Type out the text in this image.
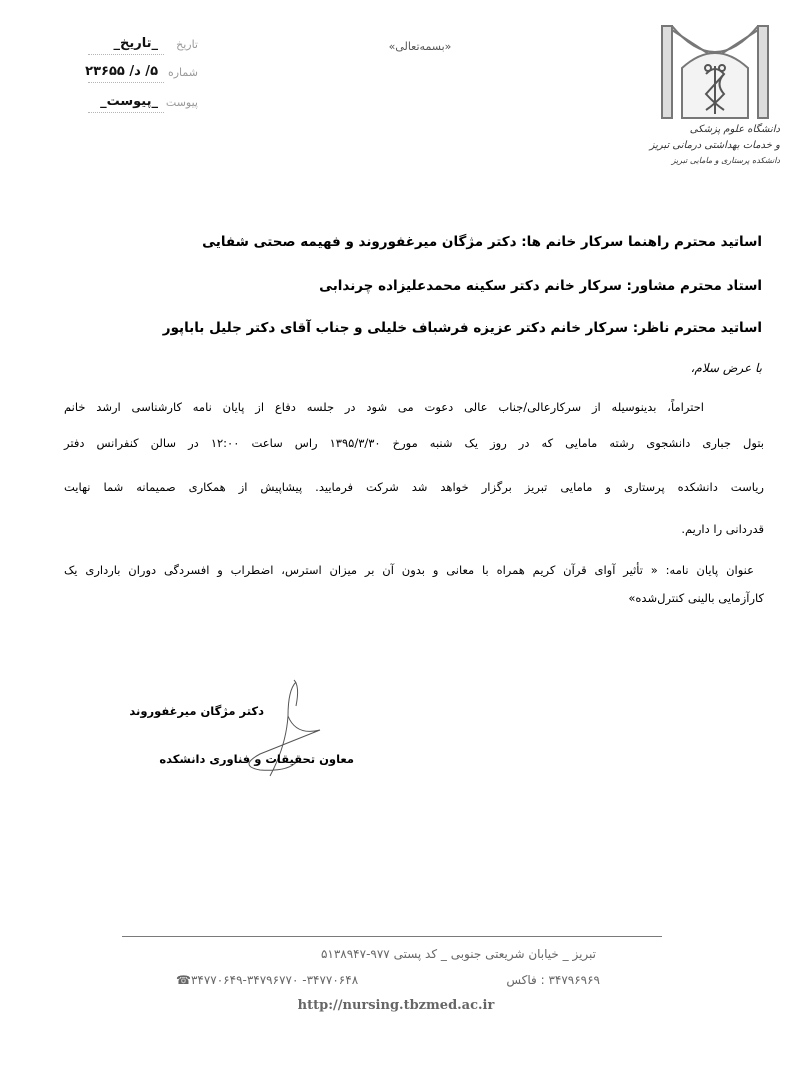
تاریخ
_تاریخ_
شماره
۵/ د/ ۲۳۶۵۵
پیوست
_پیوست_
«بسمه‌تعالی»
دانشگاه علوم پزشکی
و خدمات بهداشتی درمانی تبریز
دانشکده پرستاری و مامایی تبریز
اساتید محترم راهنما سرکار خانم ها: دکتر مژگان میرغفوروند و فهیمه صحتی شفایی
استاد محترم مشاور: سرکار خانم دکتر سکینه محمدعلیزاده چرندابی
اساتید محترم ناظر: سرکار خانم دکتر عزیزه فرشباف خلیلی و جناب آقای دکتر جلیل باباپور
با عرض سلام،
احتراماً، بدینوسیله از سرکارعالی/جناب عالی دعوت می شود در جلسه دفاع از پایان نامه کارشناسی ارشد خانم
بتول جباری دانشجوی رشته مامایی که در روز یک شنبه مورخ ۱۳۹۵/۳/۳۰ راس ساعت ۱۲:۰۰ در سالن کنفرانس دفتر
ریاست دانشکده پرستاری و مامایی تبریز برگزار خواهد شد شرکت فرمایید. پیشاپیش از همکاری صمیمانه شما نهایت
قدردانی را داریم.
عنوان پایان نامه: « تأثیر آوای قرآن کریم همراه با معانی و بدون آن بر میزان استرس، اضطراب و افسردگی دوران بارداری یک
کارآزمایی بالینی کنترل‌شده»
دکتر مژگان میرغفوروند
معاون تحقیقات و فناوری دانشکده
تبریز _ خیابان شریعتی جنوبی _ کد پستی ۹۷۷-۵۱۳۸۹۴۷
۳۴۷۹۶۹۶۹ : فاکس
☎۳۴۷۷۰۶۴۸- ۳۴۷۷۰۶۴۹-۳۴۷۹۶۷۷۰
http://nursing.tbzmed.ac.ir
